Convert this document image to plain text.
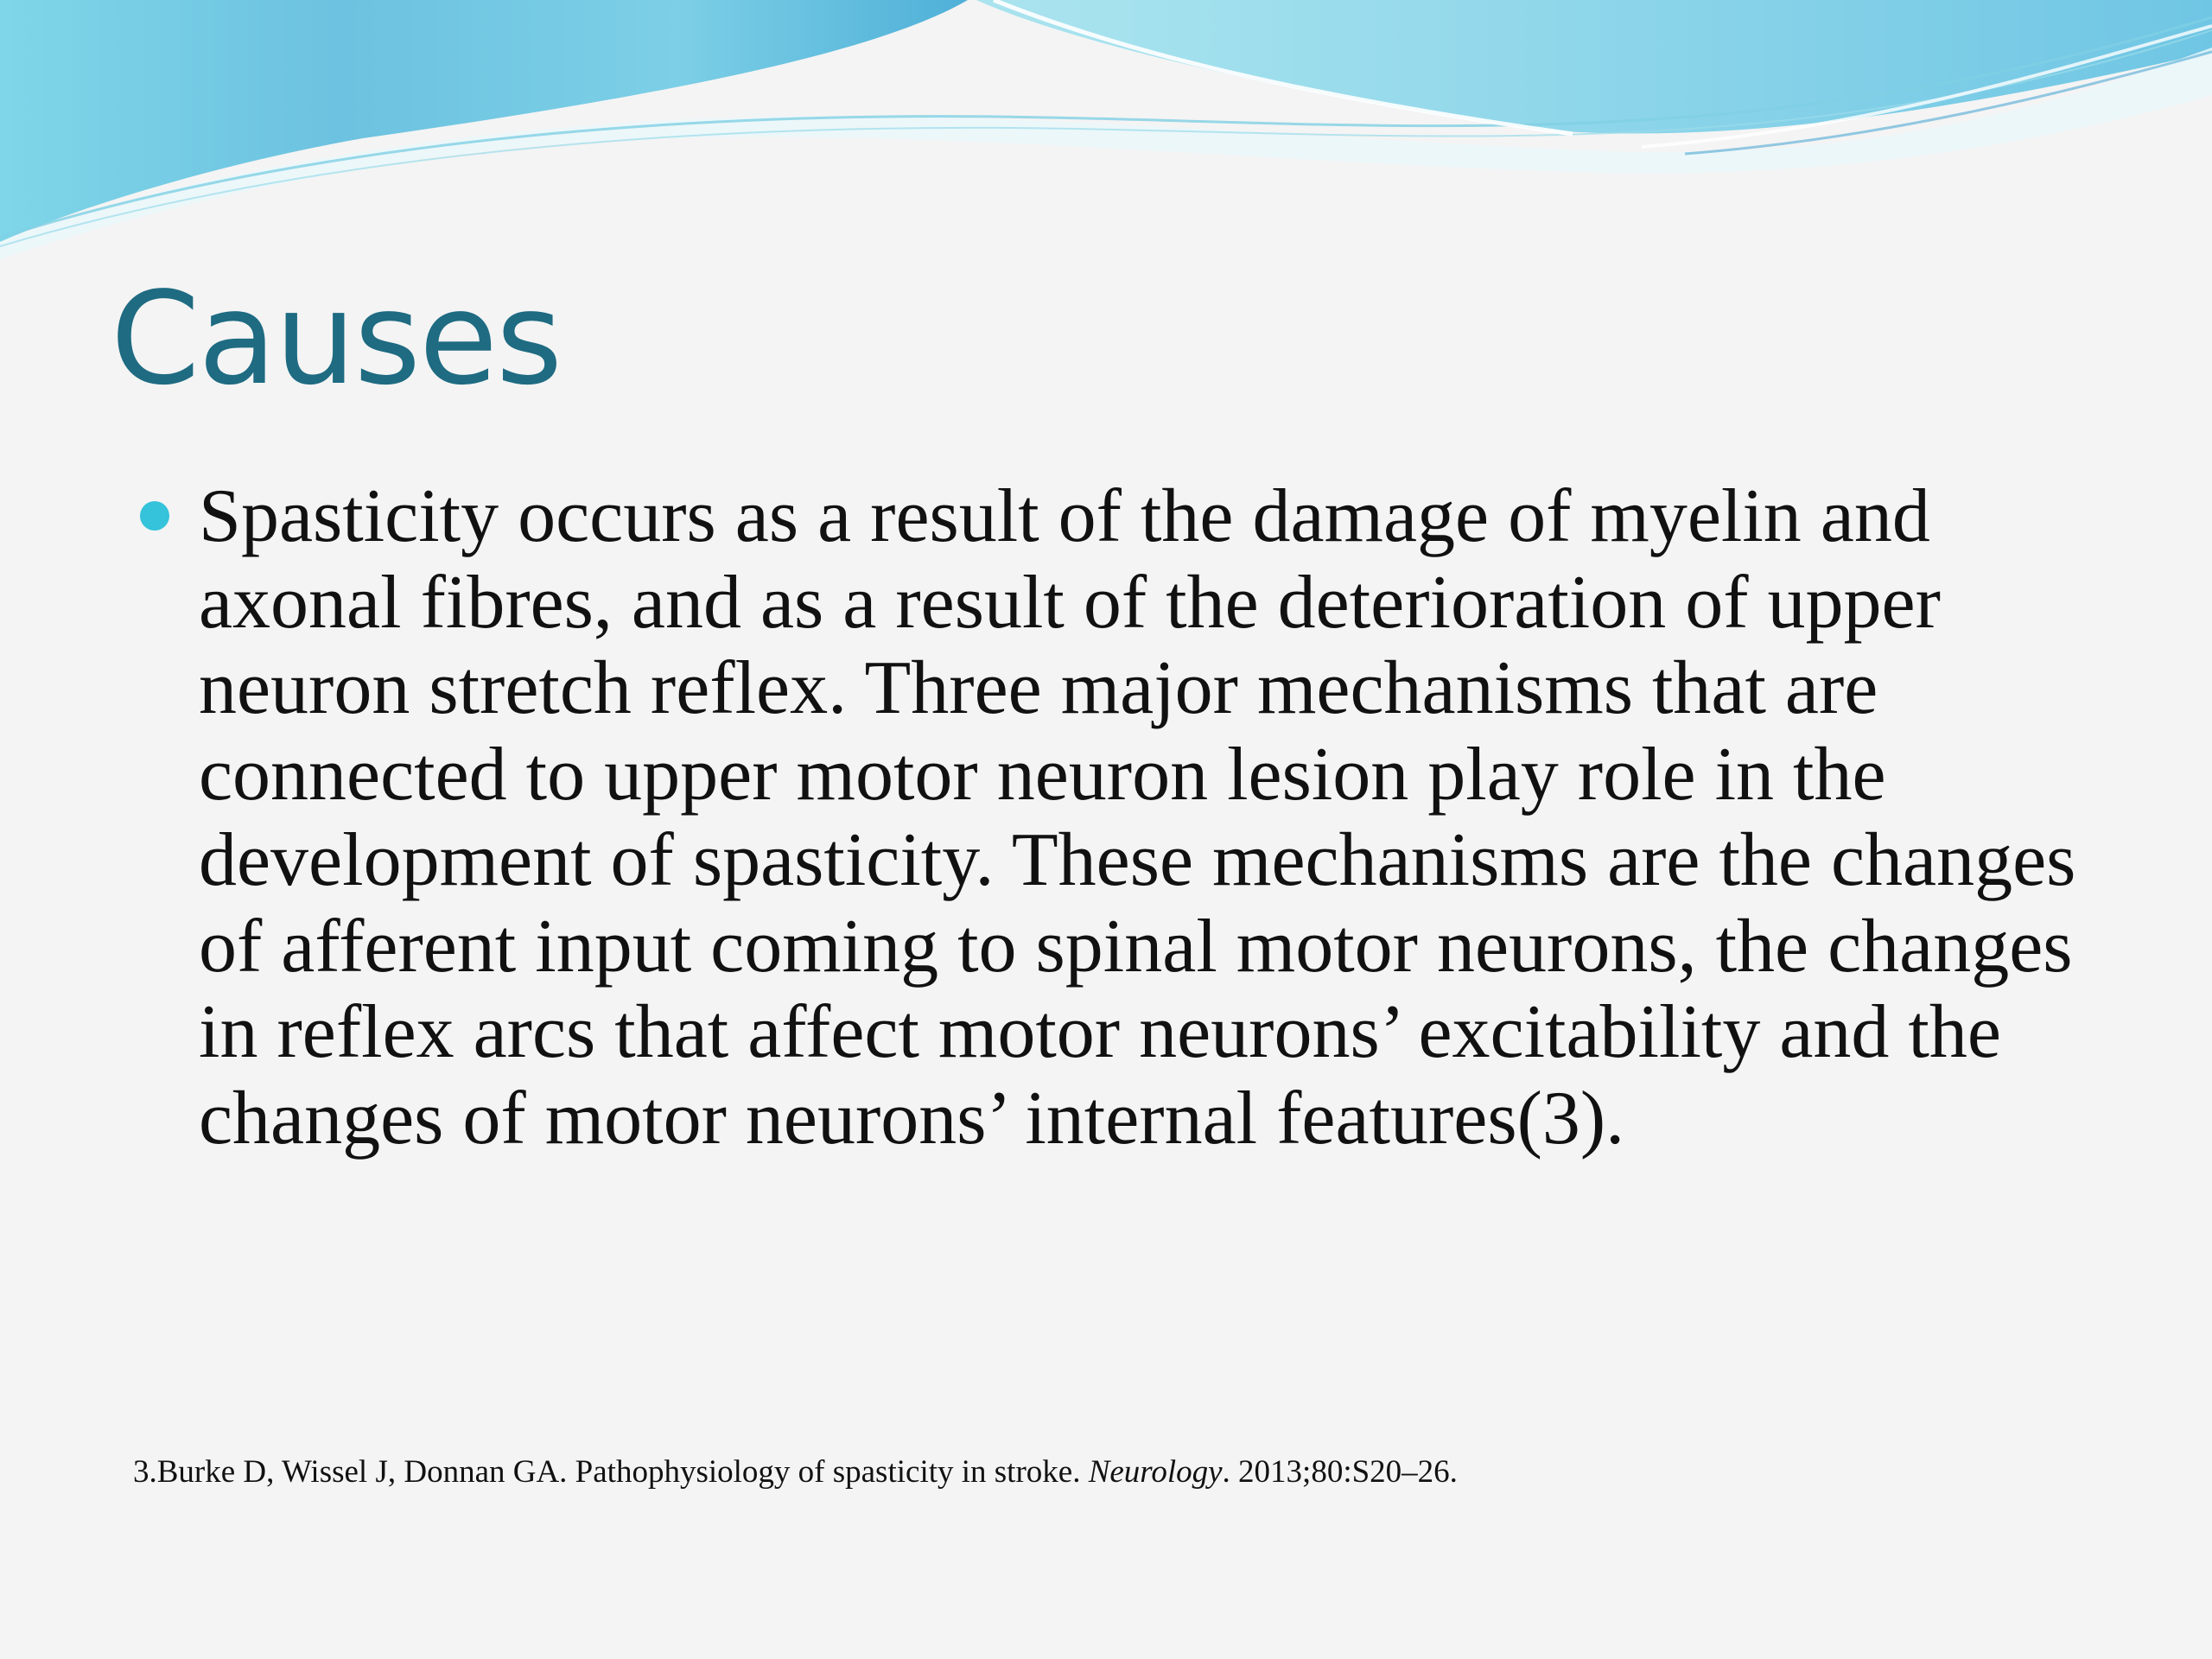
Causes

Spasticity occurs as a result of the damage of myelin and axonal fibres, and as a result of the deterioration of upper neuron stretch reflex. Three major mechanisms that are connected to upper motor neuron lesion play role in the development of spasticity. These mechanisms are the changes of afferent input coming to spinal motor neurons, the changes in reflex arcs that affect motor neurons’ excitability and the changes of motor neurons’ internal features(3).

3.Burke D, Wissel J, Donnan GA. Pathophysiology of spasticity in stroke. Neurology. 2013;80:S20–26.
